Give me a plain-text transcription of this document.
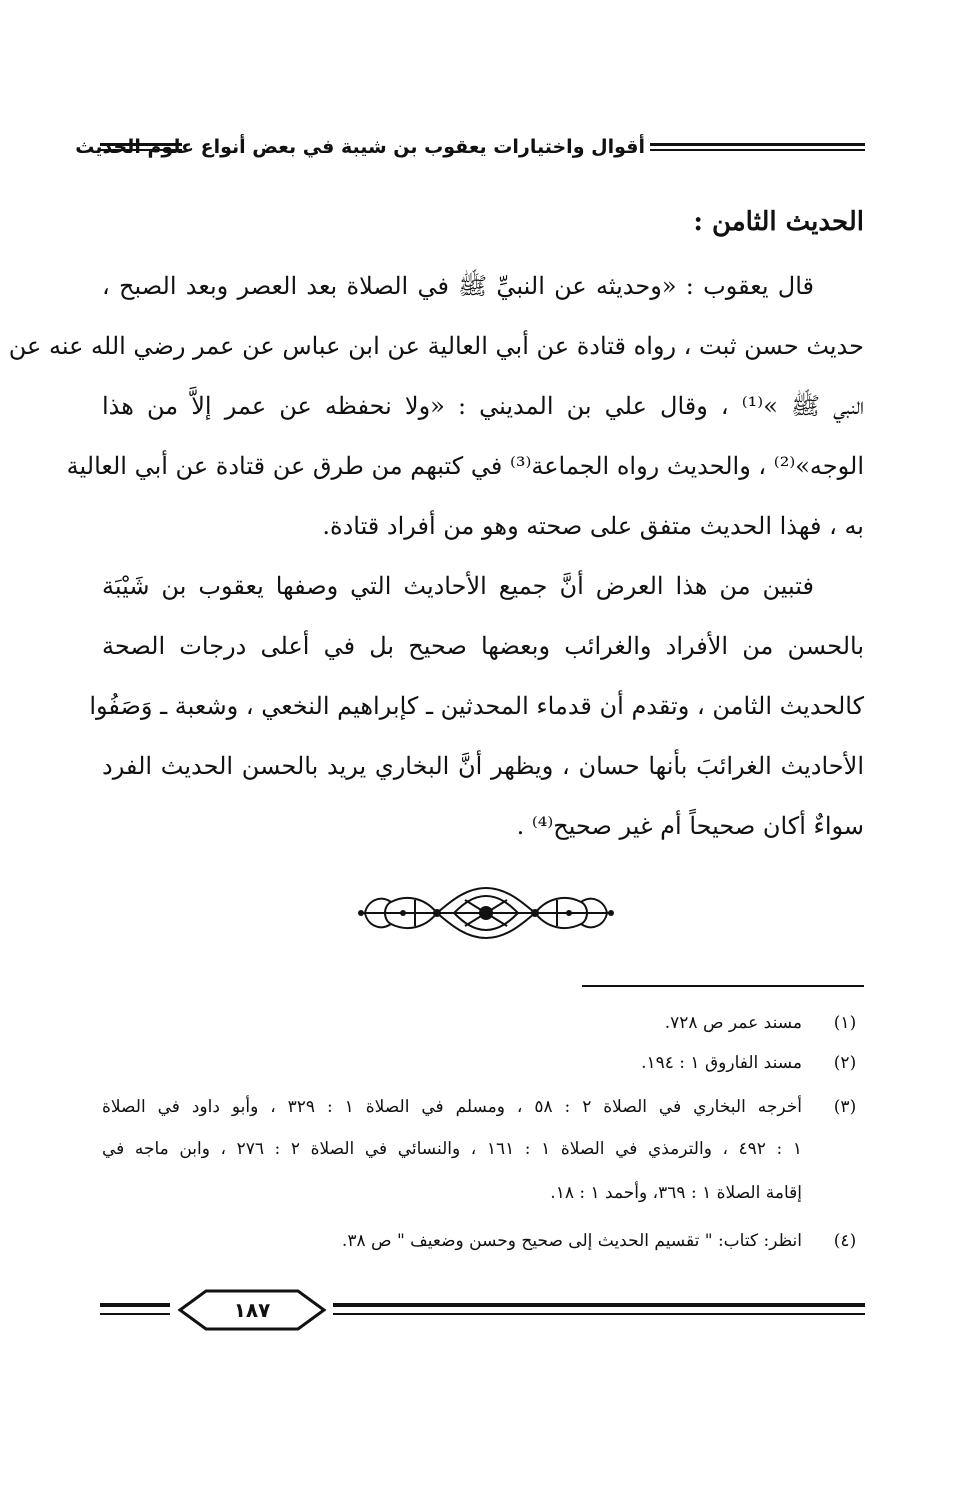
أقوال واختيارات يعقوب بن شيبة في بعض أنواع علوم الحديث
الحديث الثامن :
قال يعقوب : «وحديثه عن النبيِّ ﷺ في الصلاة بعد العصر وبعد الصبح ،
حديث حسن ثبت ، رواه قتادة عن أبي العالية عن ابن عباس عن عمر رضي الله عنه عن
النبي ﷺ »⁽¹⁾ ، وقال علي بن المديني : «ولا نحفظه عن عمر إلاَّ من هذا
الوجه»⁽²⁾ ، والحديث رواه الجماعة⁽³⁾ في كتبهم من طرق عن قتادة عن أبي العالية
به ، فهذا الحديث متفق على صحته وهو من أفراد قتادة.
فتبين من هذا العرض أنَّ جميع الأحاديث التي وصفها يعقوب بن شَيْبَة
بالحسن من الأفراد والغرائب وبعضها صحيح بل في أعلى درجات الصحة
كالحديث الثامن ، وتقدم أن قدماء المحدثين ـ كإبراهيم النخعي ، وشعبة ـ وَصَفُوا
الأحاديث الغرائبَ بأنها حسان ، ويظهر أنَّ البخاري يريد بالحسن الحديث الفرد
سواءٌ أكان صحيحاً أم غير صحيح⁽⁴⁾ .
(١)
مسند عمر ص ٧٢٨.
(٢)
مسند الفاروق ١ : ١٩٤.
(٣)
أخرجه البخاري في الصلاة ٢ : ٥٨ ، ومسلم في الصلاة ١ : ٣٢٩ ، وأبو داود في الصلاة
١ : ٤٩٢ ، والترمذي في الصلاة ١ : ١٦١ ، والنسائي في الصلاة ٢ : ٢٧٦ ، وابن ماجه في
إقامة الصلاة ١ : ٣٦٩، وأحمد ١ : ١٨.
(٤)
انظر: كتاب: " تقسيم الحديث إلى صحيح وحسن وضعيف " ص ٣٨.
١٨٧
